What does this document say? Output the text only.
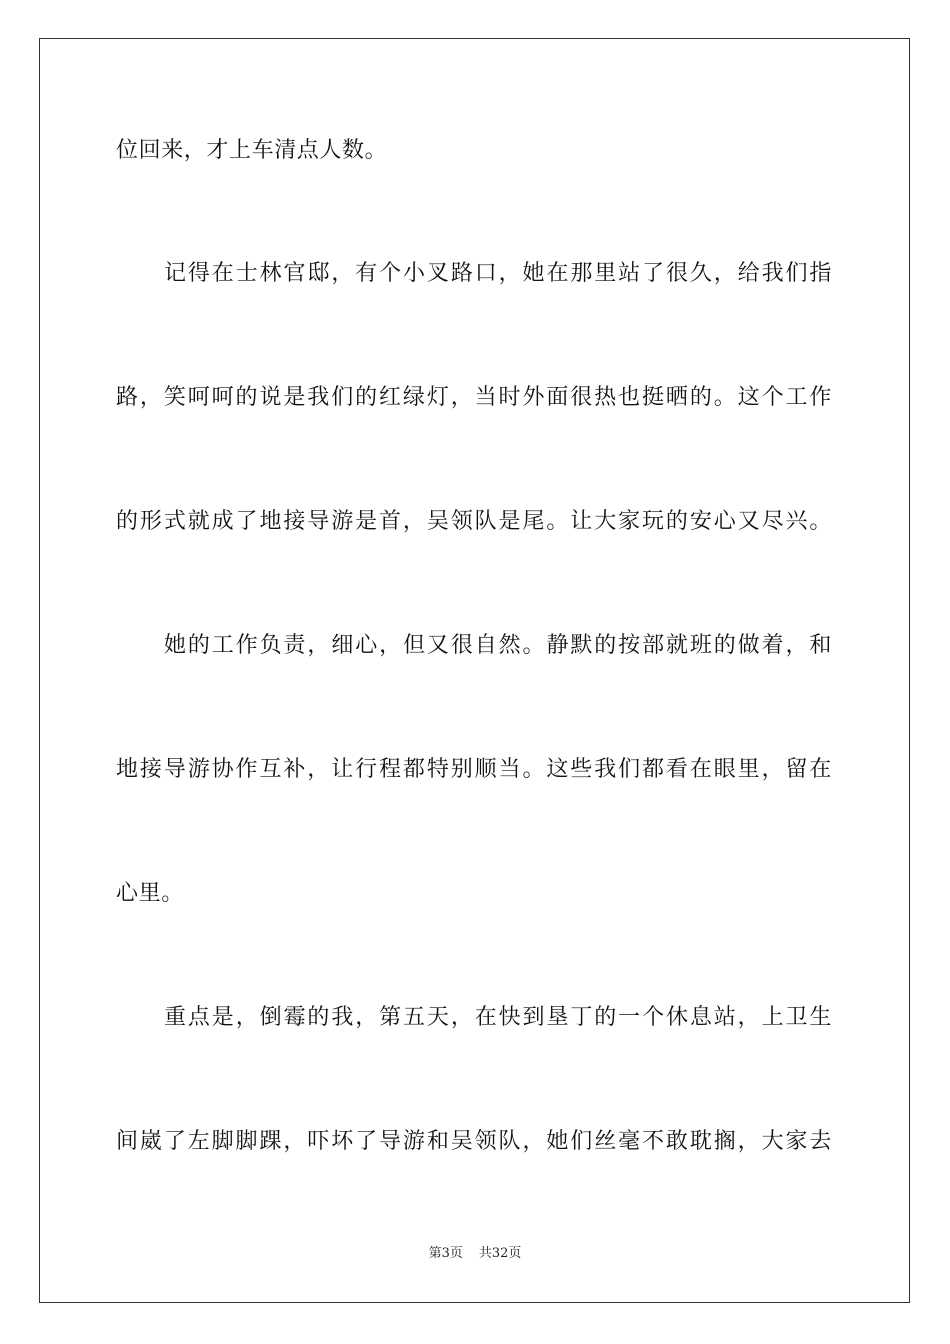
位回来，才上车清点人数。
记得在士林官邸，有个小叉路口，她在那里站了很久，给我们指
路，笑呵呵的说是我们的红绿灯，当时外面很热也挺晒的。这个工作
的形式就成了地接导游是首，吴领队是尾。让大家玩的安心又尽兴。
她的工作负责，细心，但又很自然。静默的按部就班的做着，和
地接导游协作互补，让行程都特别顺当。这些我们都看在眼里，留在
心里。
重点是，倒霉的我，第五天，在快到垦丁的一个休息站，上卫生
间崴了左脚脚踝，吓坏了导游和吴领队，她们丝毫不敢耽搁，大家去
第3页 共32页
